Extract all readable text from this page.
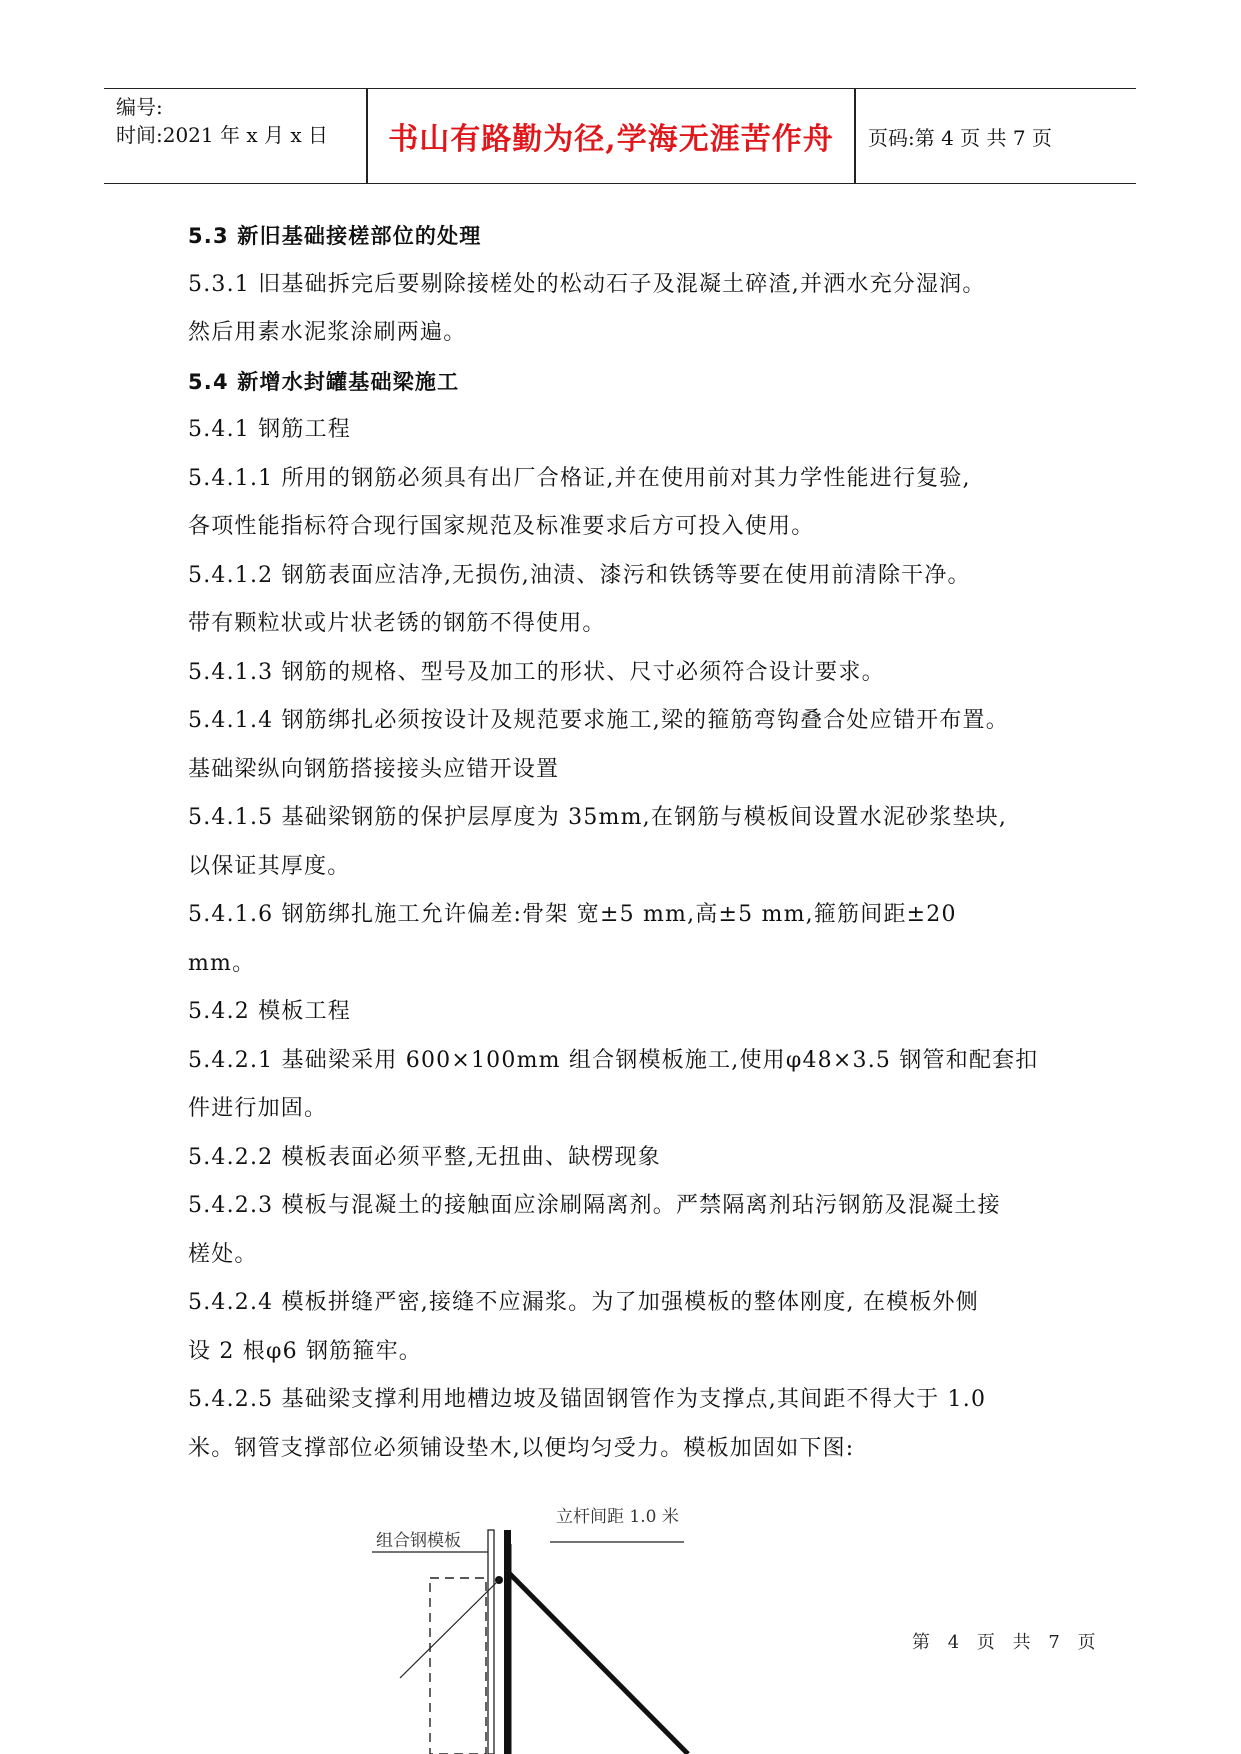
编号:
时间:2021 年 x 月 x 日	书山有路勤为径,学海无涯苦作舟	页码:第 4 页 共 7 页

5.3 新旧基础接槎部位的处理

5.3.1 旧基础拆完后要剔除接槎处的松动石子及混凝土碎渣,并洒水充分湿润。

然后用素水泥浆涂刷两遍。

5.4 新增水封罐基础梁施工

5.4.1 钢筋工程

5.4.1.1 所用的钢筋必须具有出厂合格证,并在使用前对其力学性能进行复验,

各项性能指标符合现行国家规范及标准要求后方可投入使用。

5.4.1.2 钢筋表面应洁净,无损伤,油渍、漆污和铁锈等要在使用前清除干净。

带有颗粒状或片状老锈的钢筋不得使用。

5.4.1.3 钢筋的规格、型号及加工的形状、尺寸必须符合设计要求。

5.4.1.4 钢筋绑扎必须按设计及规范要求施工,梁的箍筋弯钩叠合处应错开布置。

基础梁纵向钢筋搭接接头应错开设置

5.4.1.5 基础梁钢筋的保护层厚度为 35mm,在钢筋与模板间设置水泥砂浆垫块,

以保证其厚度。

5.4.1.6 钢筋绑扎施工允许偏差:骨架 宽±5 mm,高±5 mm,箍筋间距±20

mm。

5.4.2 模板工程

5.4.2.1 基础梁采用 600×100mm 组合钢模板施工,使用φ48×3.5 钢管和配套扣

件进行加固。

5.4.2.2 模板表面必须平整,无扭曲、缺楞现象

5.4.2.3 模板与混凝土的接触面应涂刷隔离剂。严禁隔离剂玷污钢筋及混凝土接

槎处。

5.4.2.4 模板拼缝严密,接缝不应漏浆。为了加强模板的整体刚度, 在模板外侧

设 2 根φ6 钢筋箍牢。

5.4.2.5 基础梁支撑利用地槽边坡及锚固钢管作为支撑点,其间距不得大于 1.0

米。钢管支撑部位必须铺设垫木,以便均匀受力。模板加固如下图:

立杆间距 1.0 米
组合钢模板
第 4 页 共 7 页
